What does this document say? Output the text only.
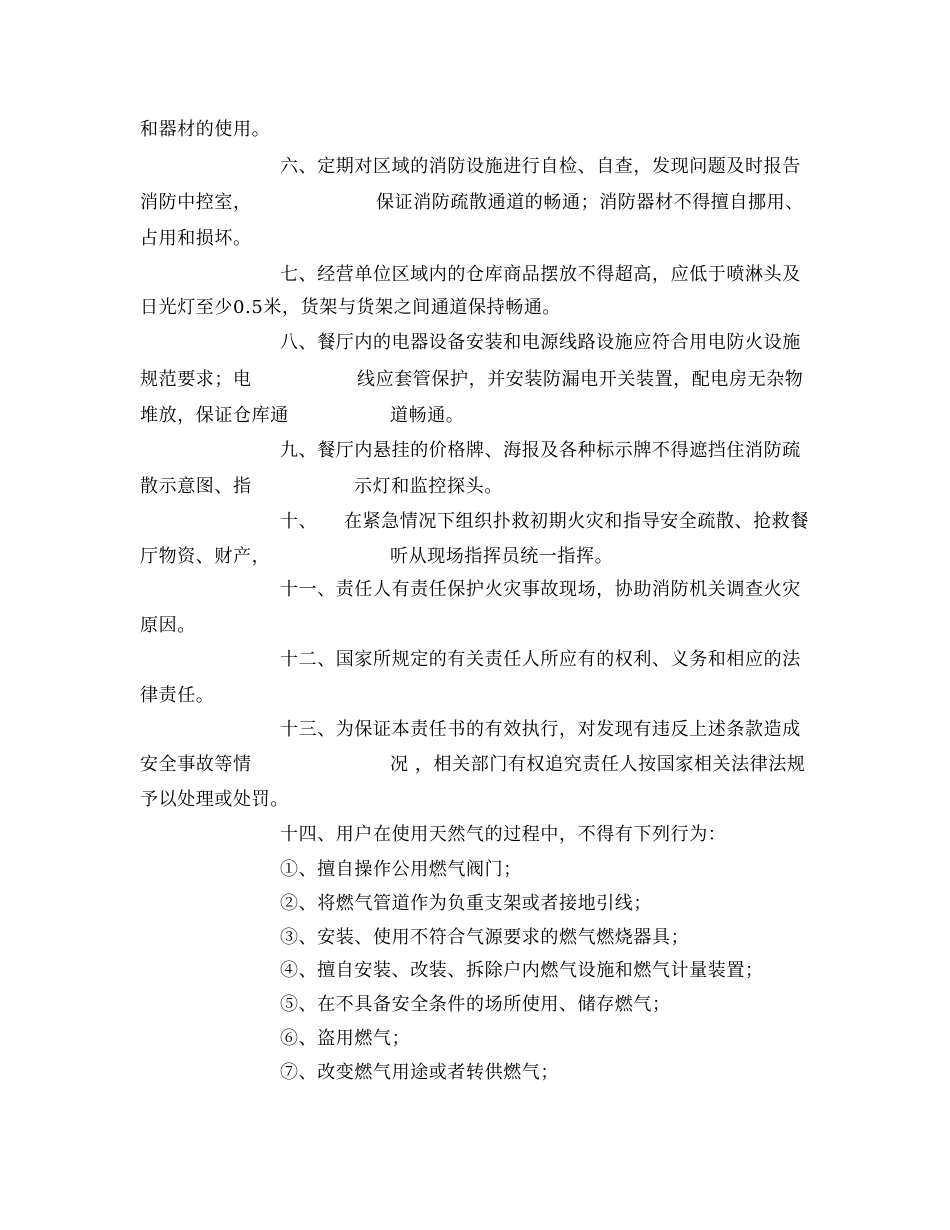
和器材的使用。
六、定期对区域的消防设施进行自检、自查，发现问题及时报告
消防中控室，	保证消防疏散通道的畅通；消防器材不得擅自挪用、
占用和损坏。
七、经营单位区域内的仓库商品摆放不得超高，应低于喷淋头及
日光灯至少0.5米，货架与货架之间通道保持畅通。
八、餐厅内的电器设备安装和电源线路设施应符合用电防火设施
规范要求；电	线应套管保护，并安装防漏电开关装置，配电房无杂物
堆放，保证仓库通	道畅通。
九、餐厅内悬挂的价格牌、海报及各种标示牌不得遮挡住消防疏
散示意图、指	示灯和监控探头。
十、 在紧急情况下组织扑救初期火灾和指导安全疏散、抢救餐
厅物资、财产，	听从现场指挥员统一指挥。
十一、责任人有责任保护火灾事故现场，协助消防机关调查火灾
原因。
十二、国家所规定的有关责任人所应有的权利、义务和相应的法
律责任。
十三、为保证本责任书的有效执行，对发现有违反上述条款造成
安全事故等情	况 ，相关部门有权追究责任人按国家相关法律法规
予以处理或处罚。
十四、用户在使用天然气的过程中，不得有下列行为：
①、擅自操作公用燃气阀门；
②、将燃气管道作为负重支架或者接地引线；
③、安装、使用不符合气源要求的燃气燃烧器具；
④、擅自安装、改装、拆除户内燃气设施和燃气计量装置；
⑤、在不具备安全条件的场所使用、储存燃气；
⑥、盗用燃气；
⑦、改变燃气用途或者转供燃气；
